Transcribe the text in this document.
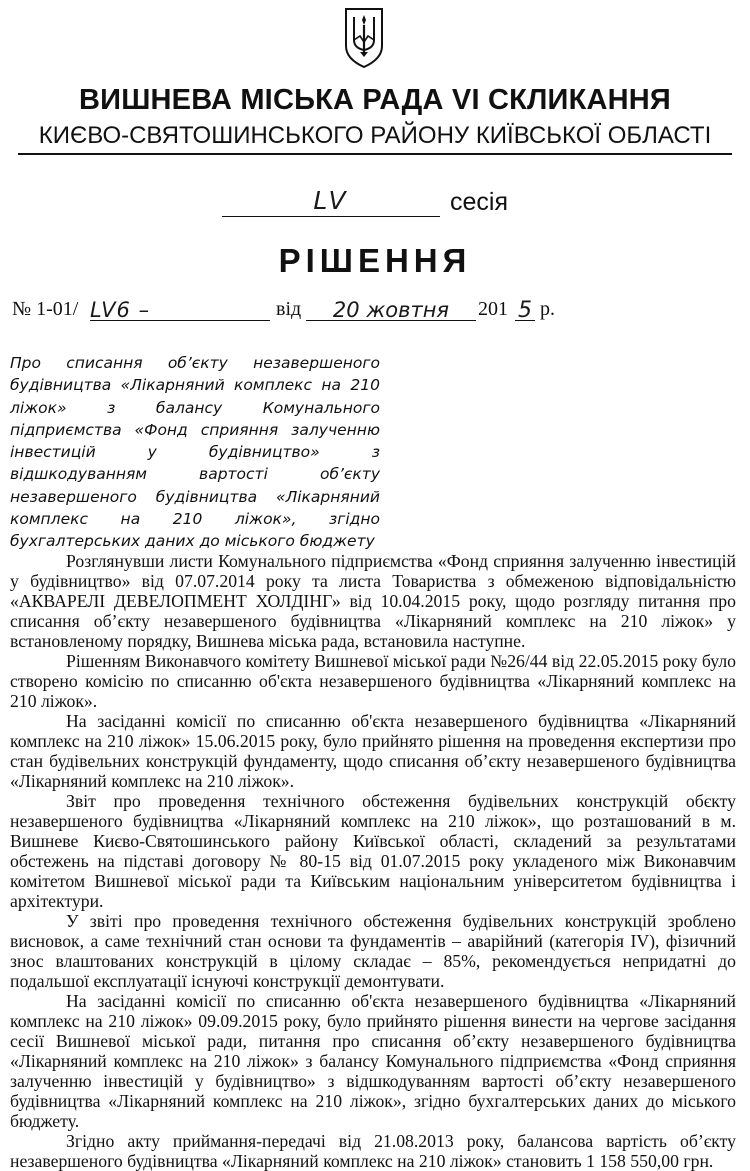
ВИШНЕВА МІСЬКА РАДА VІ СКЛИКАННЯ
КИЄВО-СВЯТОШИНСЬКОГО РАЙОНУ КИЇВСЬКОЇ ОБЛАСТІ
LV	сесія
РІШЕННЯ
№ 1-01/ LV6 –	від	20 жовтня	201 5 р.
Про списання об’єкту незавершеного будівництва «Лікарняний комплекс на 210 ліжок» з балансу Комунального підприємства «Фонд сприяння залученню інвестицій у будівництво» з відшкодуванням вартості об’єкту незавершеного будівництва «Лікарняний комплекс на 210 ліжок», згідно бухгалтерських даних до міського бюджету

Розглянувши листи Комунального підприємства «Фонд сприяння залученню інвестицій у будівництво» від 07.07.2014 року та листа Товариства з обмеженою відповідальністю «АКВАРЕЛІ ДЕВЕЛОПМЕНТ ХОЛДІНГ» від 10.04.2015 року, щодо розгляду питання про списання об’єкту незавершеного будівництва «Лікарняний комплекс на 210 ліжок» у встановленому порядку, Вишнева міська рада, встановила наступне.

Рішенням Виконавчого комітету Вишневої міської ради №26/44 від 22.05.2015 року було створено комісію по списанню об'єкта незавершеного будівництва «Лікарняний комплекс на 210 ліжок».

На засіданні комісії по списанню об'єкта незавершеного будівництва «Лікарняний комплекс на 210 ліжок» 15.06.2015 року, було прийнято рішення на проведення експертизи про стан будівельних конструкцій фундаменту, щодо списання об’єкту незавершеного будівництва «Лікарняний комплекс на 210 ліжок».

Звіт про проведення технічного обстеження будівельних конструкцій обєкту незавершеного будівництва «Лікарняний комплекс на 210 ліжок», що розташований в м. Вишневе Києво-Святошинського району Київської області, складений за результатами обстежень на підставі договору № 80-15 від 01.07.2015 року укладеного між Виконавчим комітетом Вишневої міської ради та Київським національним університетом будівництва і архітектури.

У звіті про проведення технічного обстеження будівельних конструкцій зроблено висновок, а саме технічний стан основи та фундаментів – аварійний (категорія IV), фізичний знос влаштованих конструкцій в цілому складає – 85%, рекомендується непридатні до подальшої експлуатації існуючі конструкції демонтувати.

На засіданні комісії по списанню об'єкта незавершеного будівництва «Лікарняний комплекс на 210 ліжок» 09.09.2015 року, було прийнято рішення винести на чергове засідання сесії Вишневої міської ради, питання про списання об’єкту незавершеного будівництва «Лікарняний комплекс на 210 ліжок» з балансу Комунального підприємства «Фонд сприяння залученню інвестицій у будівництво» з відшкодуванням вартості об’єкту незавершеного будівництва «Лікарняний комплекс на 210 ліжок», згідно бухгалтерських даних до міського бюджету.

Згідно акту приймання-передачі від 21.08.2013 року, балансова вартість об’єкту незавершеного будівництва «Лікарняний комплекс на 210 ліжок» становить 1 158 550,00 грн.
